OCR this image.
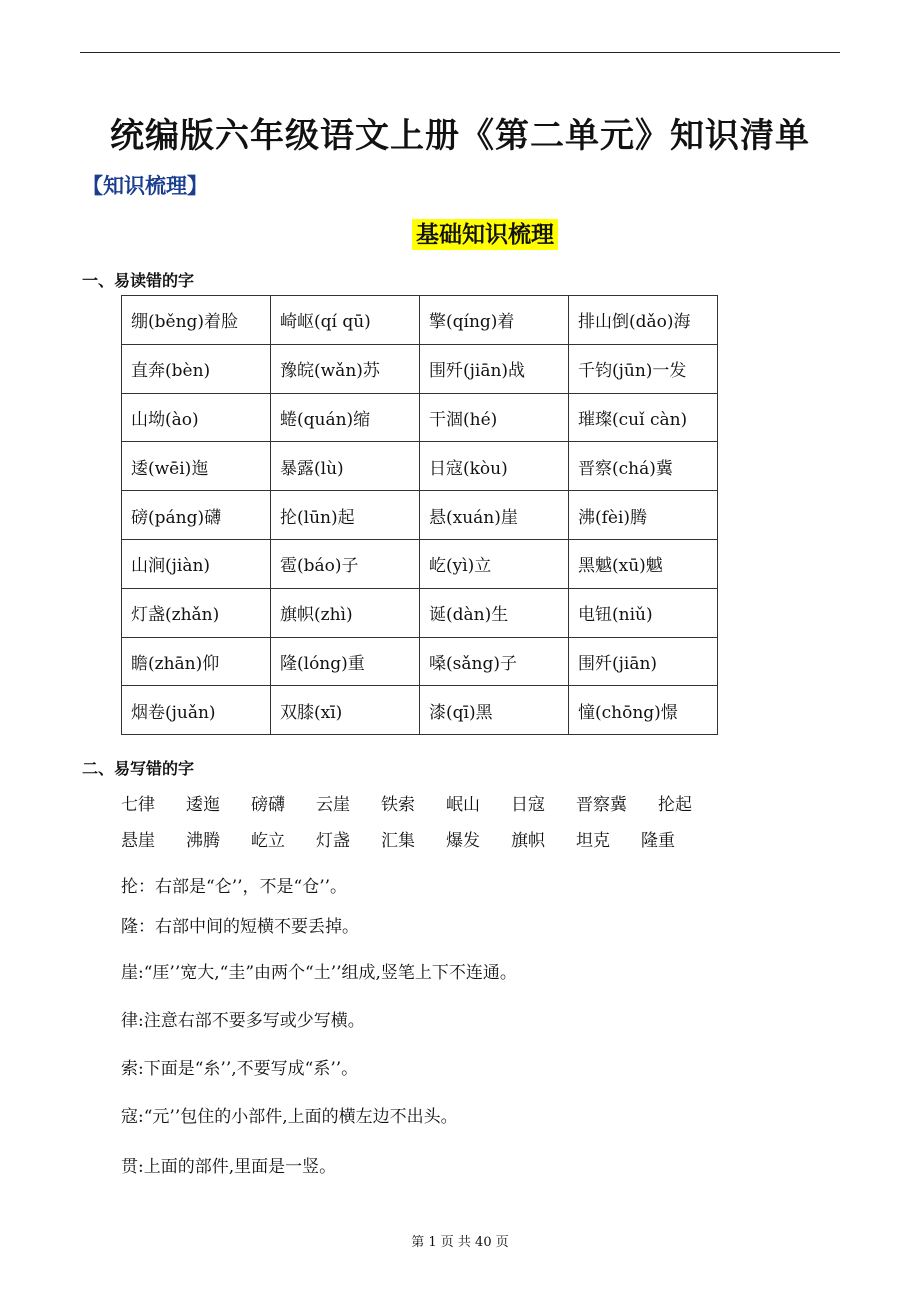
统编版六年级语文上册《第二单元》知识清单
【知识梳理】
基础知识梳理
一、易读错的字
绷(běng)着脸	崎岖(qí qū)	擎(qíng)着	排山倒(dǎo)海
直奔(bèn)	豫皖(wǎn)苏	围歼(jiān)战	千钧(jūn)一发
山坳(ào)	蜷(quán)缩	干涸(hé)	璀璨(cuǐ càn)
逶(wēi)迤	暴露(lù)	日寇(kòu)	晋察(chá)冀
磅(páng)礴	抡(lūn)起	悬(xuán)崖	沸(fèi)腾
山涧(jiàn)	雹(báo)子	屹(yì)立	黑魆(xū)魆
灯盏(zhǎn)	旗帜(zhì)	诞(dàn)生	电钮(niǔ)
瞻(zhān)仰	隆(lóng)重	嗓(sǎng)子	围歼(jiān)
烟卷(juǎn)	双膝(xī)	漆(qī)黑	憧(chōng)憬
二、易写错的字
七律 逶迤 磅礴 云崖 铁索 岷山 日寇 晋察冀 抡起
悬崖 沸腾 屹立 灯盏 汇集 爆发 旗帜 坦克 隆重
抡：右部是“仑’’，不是“仓’’。
隆：右部中间的短横不要丢掉。
崖:“厓’’宽大,“圭”由两个“土’’组成,竖笔上下不连通。
律:注意右部不要多写或少写横。
索:下面是“糸’’,不要写成“系’’。
寇:“元’’包住的小部件,上面的横左边不出头。
贯:上面的部件,里面是一竖。
第 1 页 共 40 页
